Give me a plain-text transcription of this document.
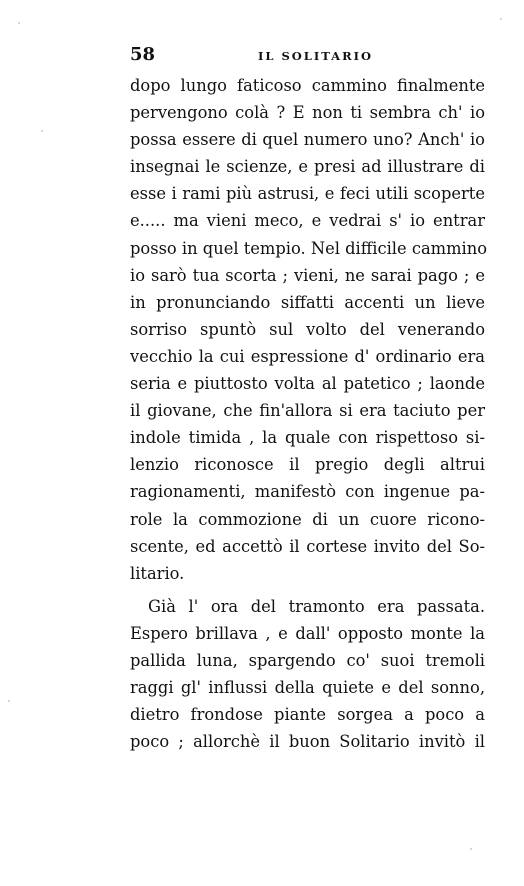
58	IL SOLITARIO
dopo lungo faticoso cammino finalmente
pervengono colà ? E non ti sembra ch' io
possa essere di quel numero uno? Anch' io
insegnai le scienze, e presi ad illustrare di
esse i rami più astrusi, e feci utili scoperte
e..... ma vieni meco, e vedrai s' io entrar
posso in quel tempio. Nel difficile cammino
io sarò tua scorta ; vieni, ne sarai pago ; e
in pronunciando siffatti accenti un lieve
sorriso spuntò sul volto del venerando
vecchio la cui espressione d' ordinario era
seria e piuttosto volta al patetico ; laonde
il giovane, che fin'allora si era taciuto per
indole timida , la quale con rispettoso si-
lenzio riconosce il pregio degli altrui
ragionamenti, manifestò con ingenue pa-
role la commozione di un cuore ricono-
scente, ed accettò il cortese invito del So-
litario.
Già l' ora del tramonto era passata.
Espero brillava , e dall' opposto monte la
pallida luna, spargendo co' suoi tremoli
raggi gl' influssi della quiete e del sonno,
dietro frondose piante sorgea a poco a
poco ; allorchè il buon Solitario invitò il
